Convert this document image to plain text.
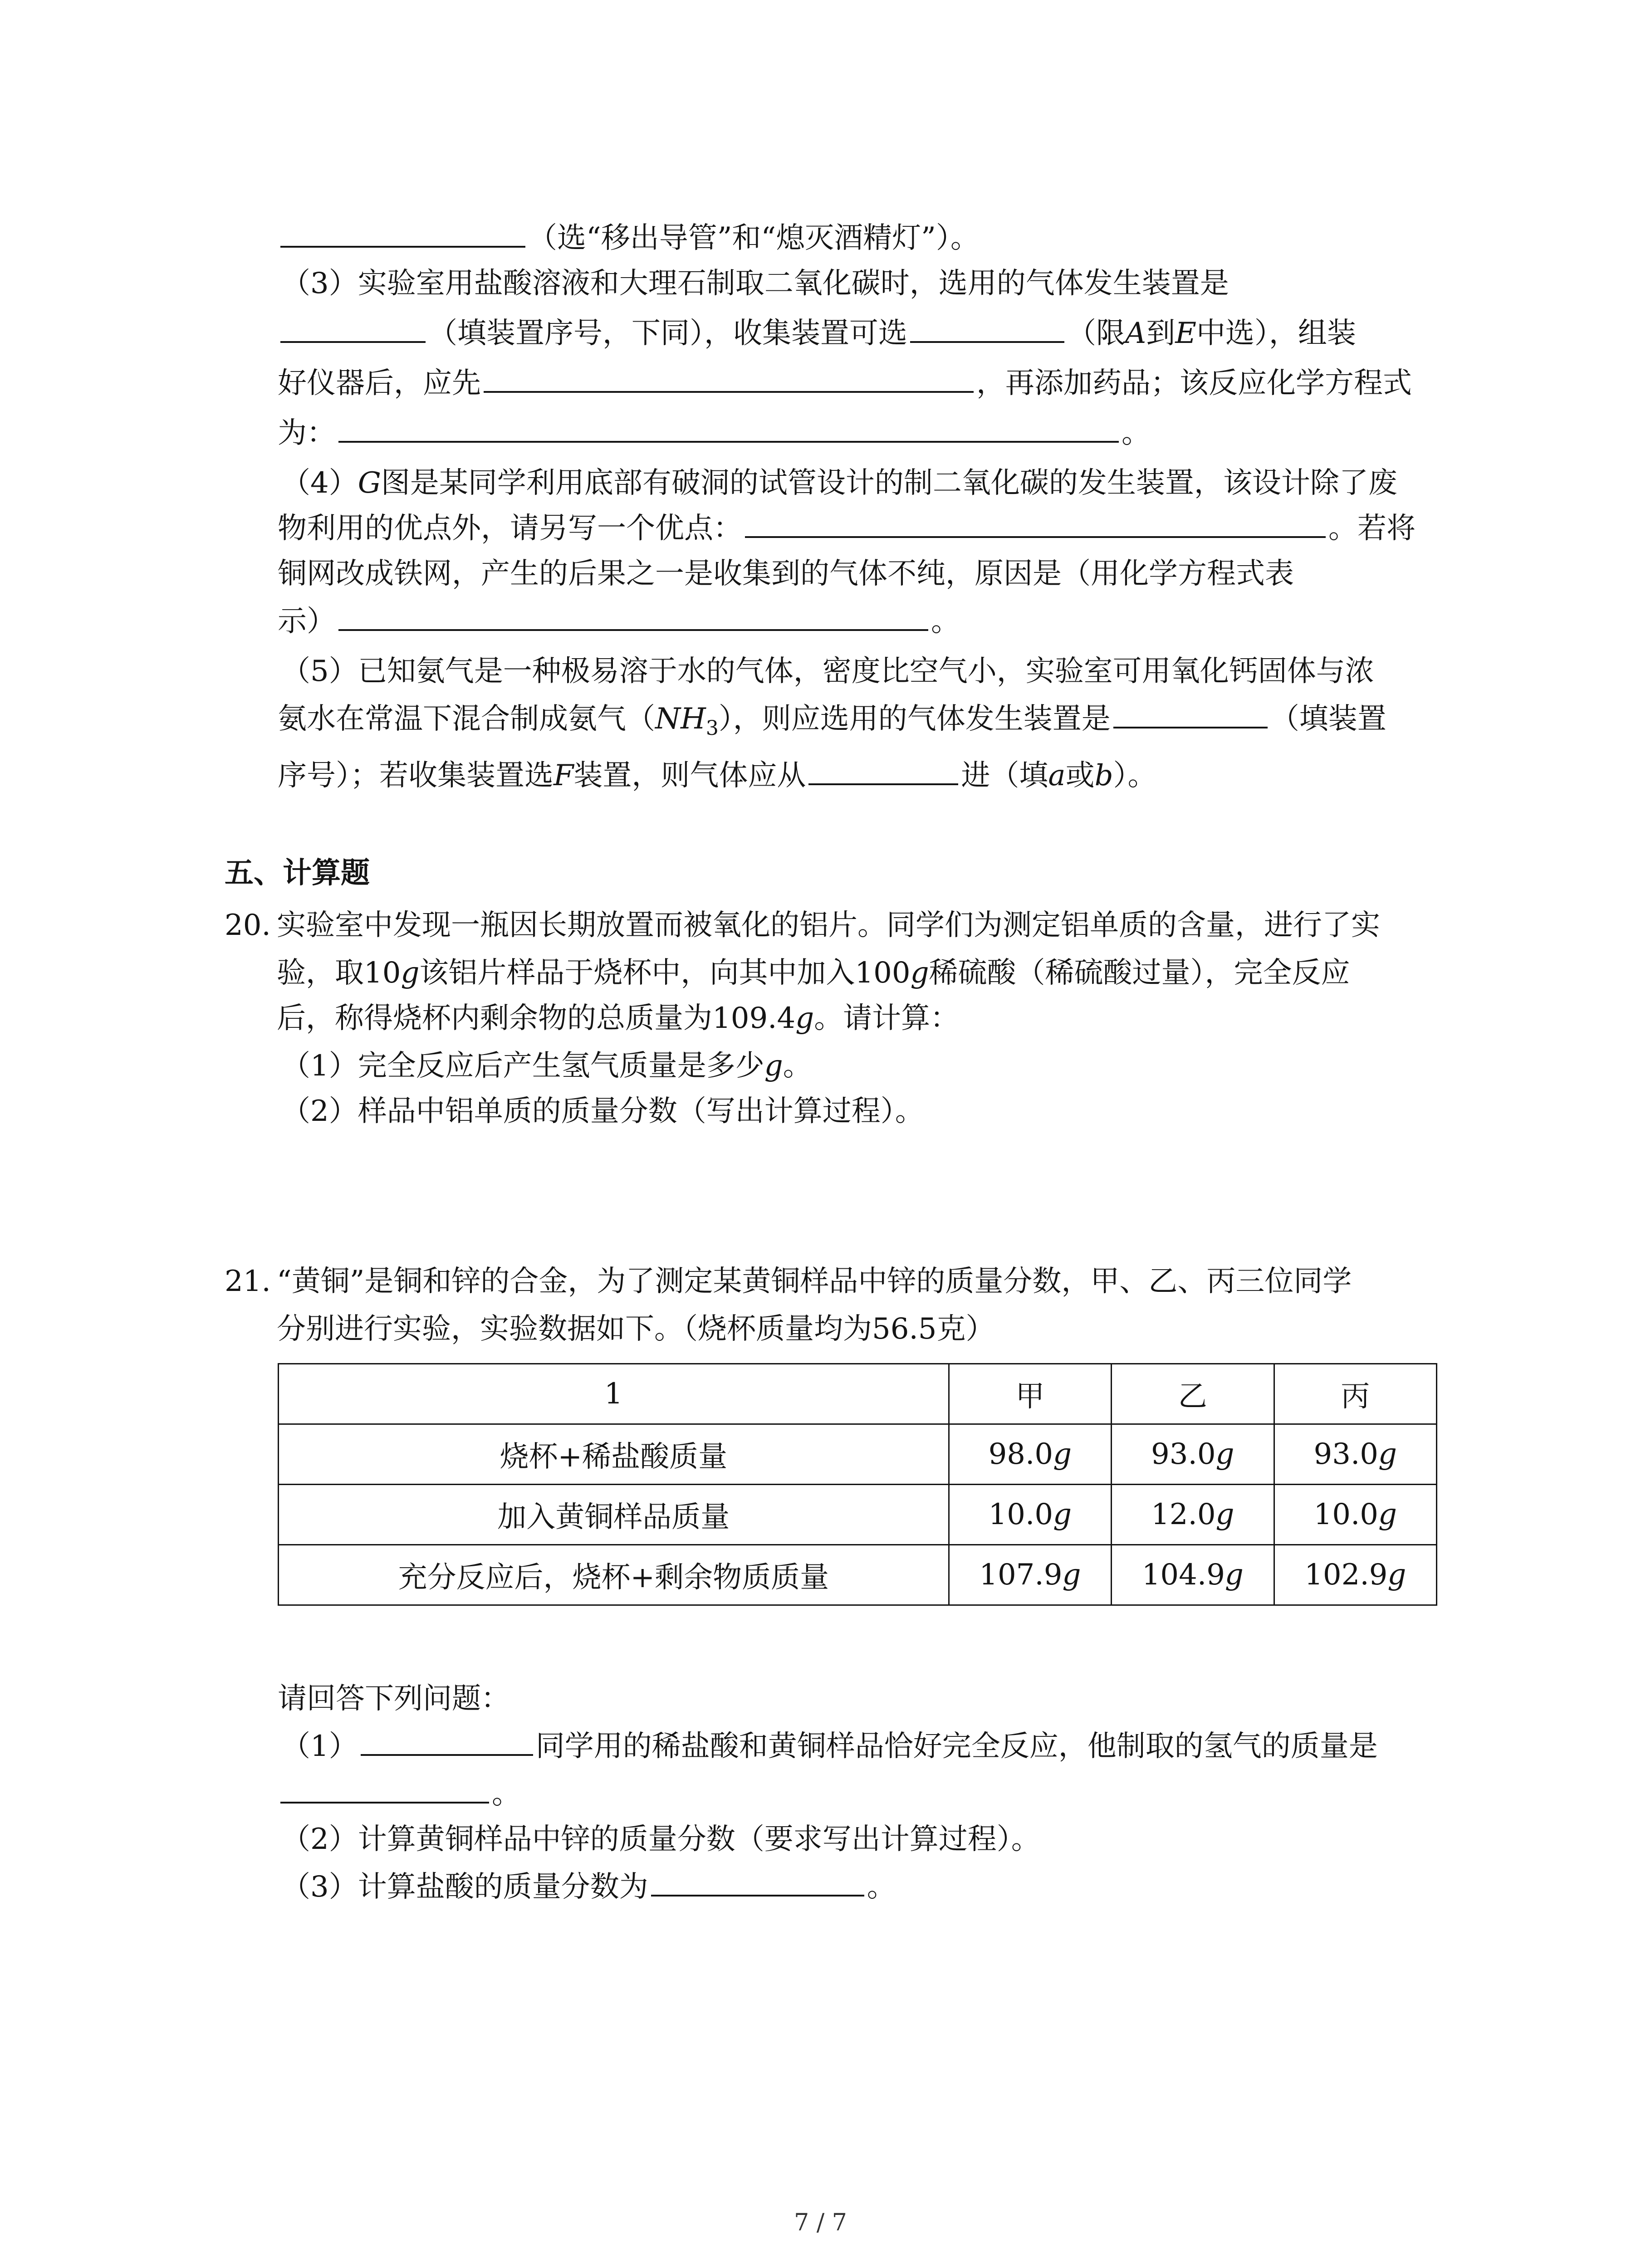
（选“移出导管”和“熄灭酒精灯”）。
（3）实验室用盐酸溶液和大理石制取二氧化碳时，选用的气体发生装置是
（填装置序号，下同），收集装置可选	（限A到E中选），组装
好仪器后，应先	，再添加药品；该反应化学方程式
为：	。
（4）G图是某同学利用底部有破洞的试管设计的制二氧化碳的发生装置，该设计除了废
物利用的优点外，请另写一个优点：	。若将
铜网改成铁网，产生的后果之一是收集到的气体不纯，原因是（用化学方程式表
示）	。
（5）已知氨气是一种极易溶于水的气体，密度比空气小，实验室可用氧化钙固体与浓
氨水在常温下混合制成氨气$(NH_3)$，则应选用的气体发生装置是	（填装置
序号）；若收集装置选F装置，则气体应从	进（填a或b）。
五、计算题
20. 实验室中发现一瓶因长期放置而被氧化的铝片。同学们为测定铝单质的含量，进行了实
验，取10g该铝片样品于烧杯中，向其中加入100g稀硫酸（稀硫酸过量），完全反应
后，称得烧杯内剩余物的总质量为109.4g。请计算：
（1）完全反应后产生氢气质量是多少g。
（2）样品中铝单质的质量分数（写出计算过程）。
21. “黄铜”是铜和锌的合金，为了测定某黄铜样品中锌的质量分数，甲、乙、丙三位同学
分别进行实验，实验数据如下。（烧杯质量均为56.5克）
1	甲	乙	丙
烧杯+稀盐酸质量	98.0g	93.0g	93.0g
加入黄铜样品质量	10.0g	12.0g	10.0g
充分反应后，烧杯+剩余物质质量	107.9g	104.9g	102.9g
请回答下列问题：
（1）	同学用的稀盐酸和黄铜样品恰好完全反应，他制取的氢气的质量是
。
（2）计算黄铜样品中锌的质量分数（要求写出计算过程）。
（3）计算盐酸的质量分数为	。
7 / 7
